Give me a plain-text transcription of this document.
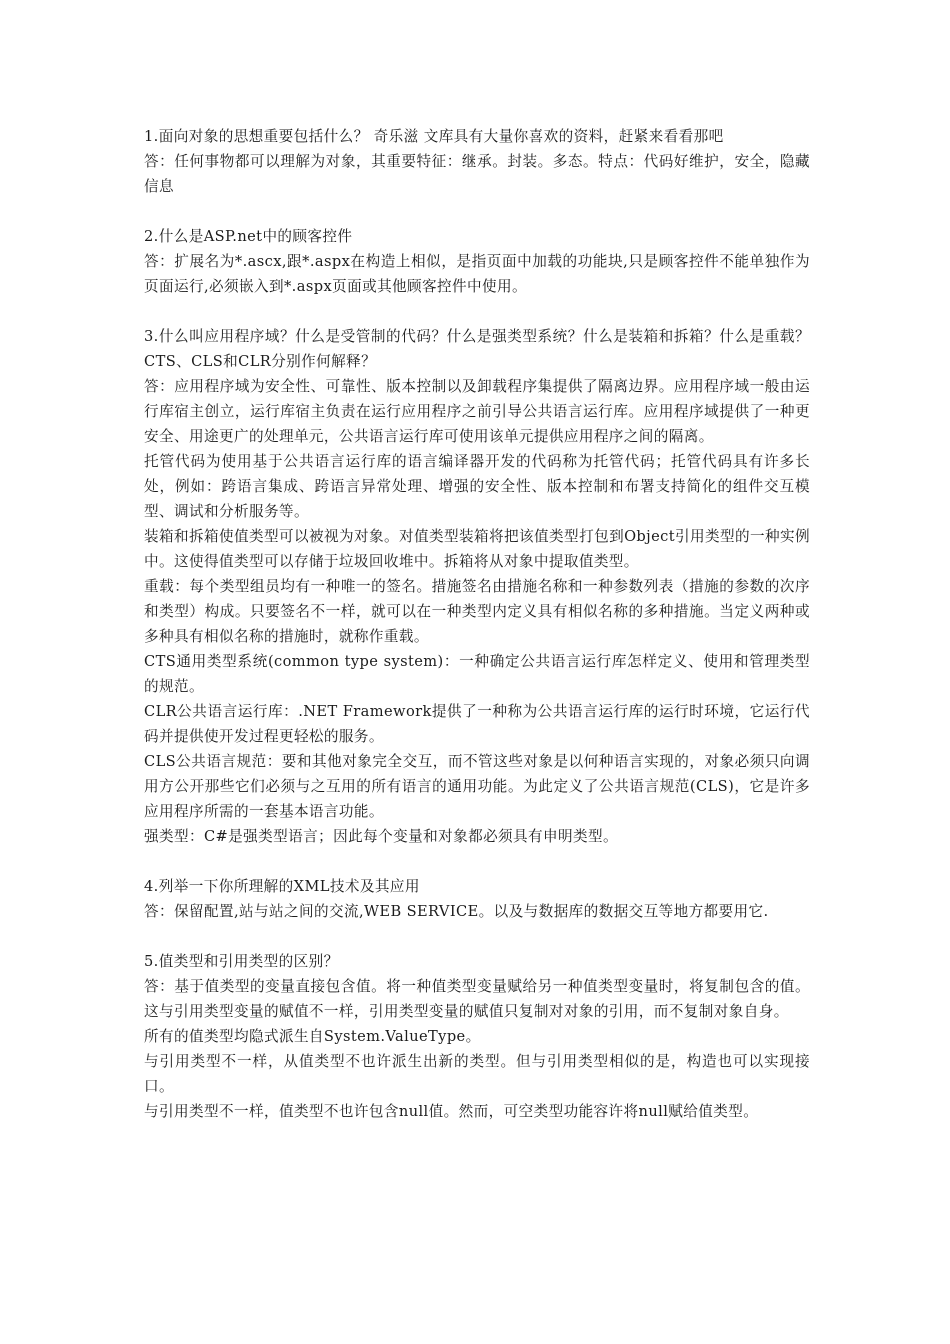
1.面向对象的思想重要包括什么？ 奇乐滋 文库具有大量你喜欢的资料，赶紧来看看那吧

答：任何事物都可以理解为对象，其重要特征：继承。封装。多态。特点：代码好维护，安全，隐藏信息

2.什么是ASP.net中的顾客控件

答：扩展名为*.ascx,跟*.aspx在构造上相似，是指页面中加载的功能块,只是顾客控件不能单独作为页面运行,必须嵌入到*.aspx页面或其他顾客控件中使用。

3.什么叫应用程序域？什么是受管制的代码？什么是强类型系统？什么是装箱和拆箱？什么是重载？CTS、CLS和CLR分别作何解释？

答：应用程序域为安全性、可靠性、版本控制以及卸载程序集提供了隔离边界。应用程序域一般由运行库宿主创立，运行库宿主负责在运行应用程序之前引导公共语言运行库。应用程序域提供了一种更安全、用途更广的处理单元，公共语言运行库可使用该单元提供应用程序之间的隔离。

托管代码为使用基于公共语言运行库的语言编译器开发的代码称为托管代码；托管代码具有许多长处，例如：跨语言集成、跨语言异常处理、增强的安全性、版本控制和布署支持简化的组件交互模型、调试和分析服务等。

装箱和拆箱使值类型可以被视为对象。对值类型装箱将把该值类型打包到Object引用类型的一种实例中。这使得值类型可以存储于垃圾回收堆中。拆箱将从对象中提取值类型。

重载：每个类型组员均有一种唯一的签名。措施签名由措施名称和一种参数列表（措施的参数的次序和类型）构成。只要签名不一样，就可以在一种类型内定义具有相似名称的多种措施。当定义两种或多种具有相似名称的措施时，就称作重载。

CTS通用类型系统(common type system)：一种确定公共语言运行库怎样定义、使用和管理类型的规范。

CLR公共语言运行库：.NET Framework提供了一种称为公共语言运行库的运行时环境，它运行代码并提供使开发过程更轻松的服务。

CLS公共语言规范：要和其他对象完全交互，而不管这些对象是以何种语言实现的，对象必须只向调用方公开那些它们必须与之互用的所有语言的通用功能。为此定义了公共语言规范(CLS)，它是许多应用程序所需的一套基本语言功能。

强类型：C#是强类型语言；因此每个变量和对象都必须具有申明类型。

4.列举一下你所理解的XML技术及其应用

答：保留配置,站与站之间的交流,WEB SERVICE。以及与数据库的数据交互等地方都要用它.

5.值类型和引用类型的区别？

答：基于值类型的变量直接包含值。将一种值类型变量赋给另一种值类型变量时，将复制包含的值。这与引用类型变量的赋值不一样，引用类型变量的赋值只复制对对象的引用，而不复制对象自身。

所有的值类型均隐式派生自System.ValueType。

与引用类型不一样，从值类型不也许派生出新的类型。但与引用类型相似的是，构造也可以实现接口。

与引用类型不一样，值类型不也许包含null值。然而，可空类型功能容许将null赋给值类型。
